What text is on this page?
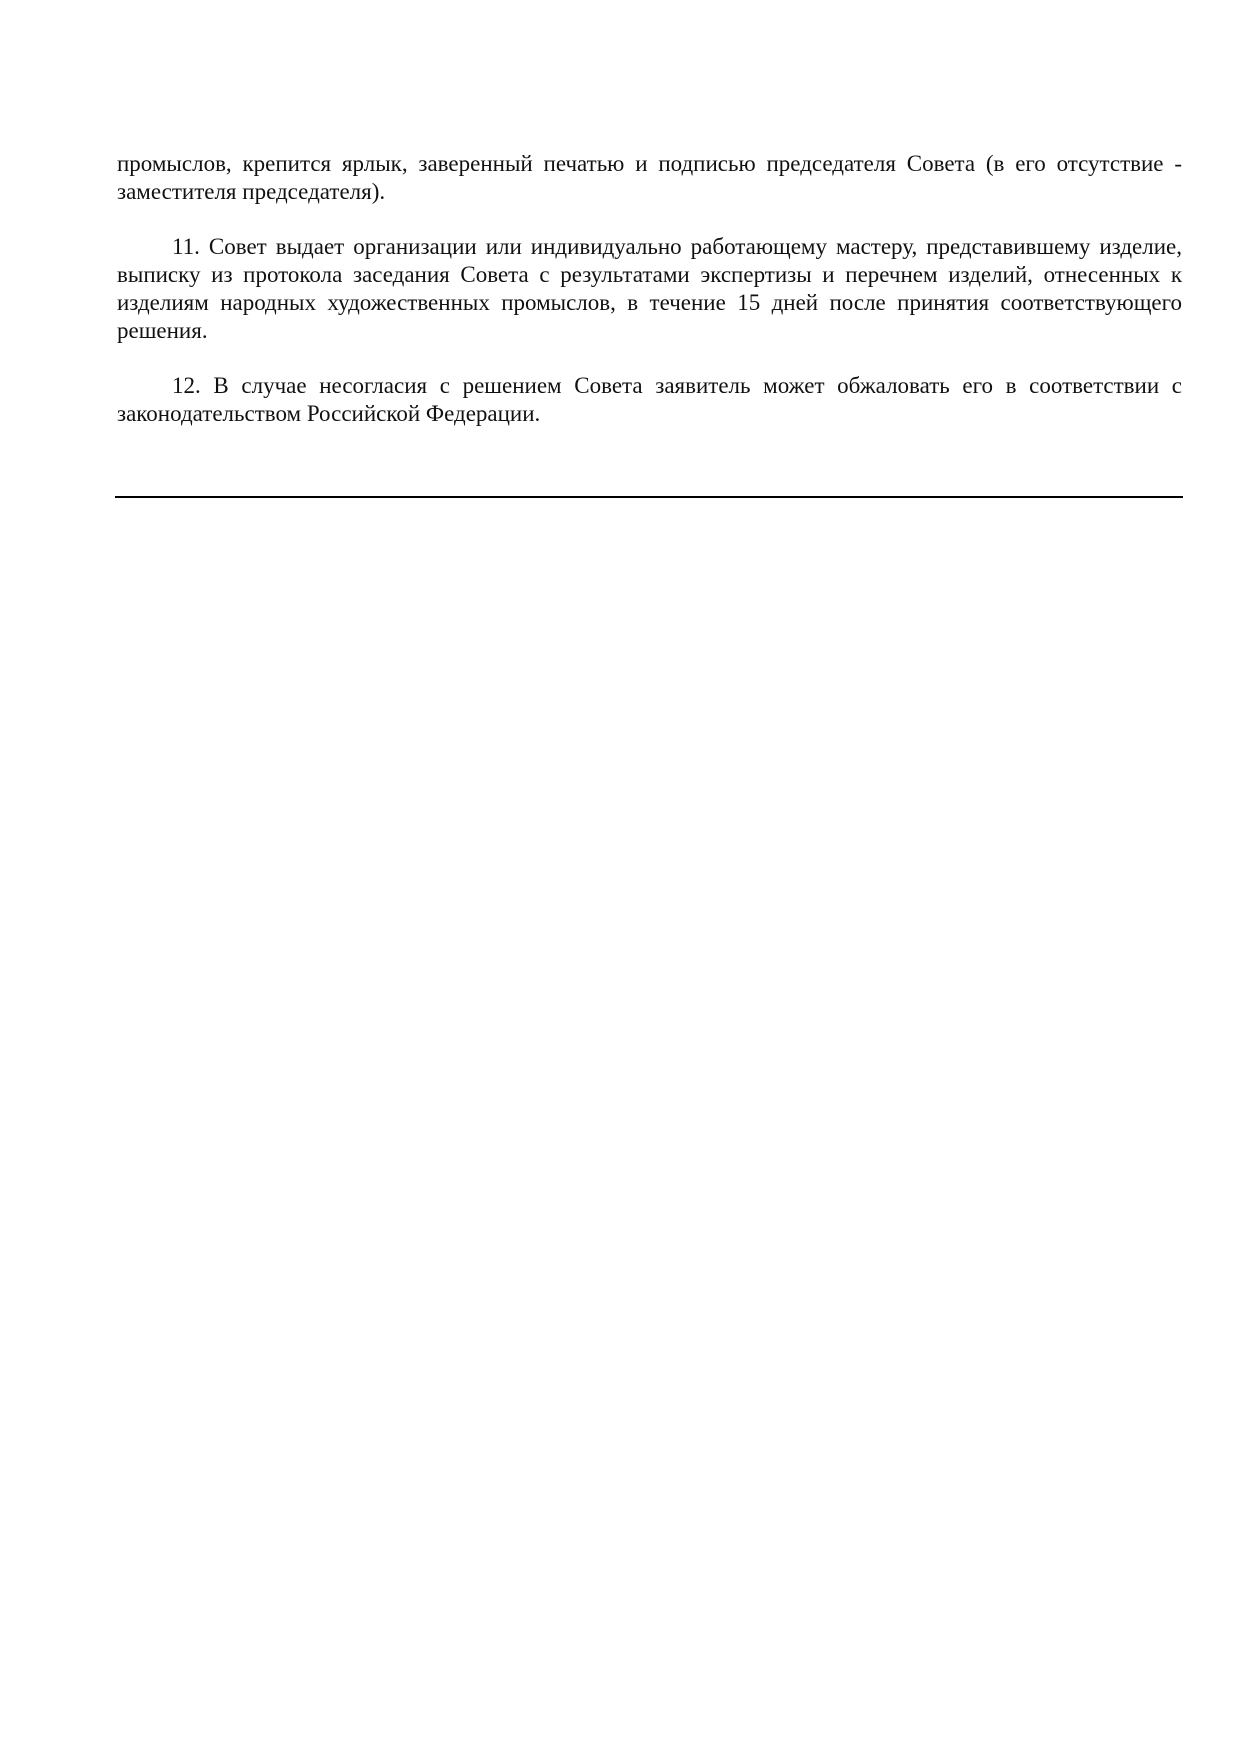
промыслов, крепится ярлык, заверенный печатью и подписью председателя Совета (в его отсутствие - заместителя председателя).

11. Совет выдает организации или индивидуально работающему мастеру, представившему изделие, выписку из протокола заседания Совета с результатами экспертизы и перечнем изделий, отнесенных к изделиям народных художественных промыслов, в течение 15 дней после принятия соответствующего решения.

12. В случае несогласия с решением Совета заявитель может обжаловать его в соответствии с законодательством Российской Федерации.
